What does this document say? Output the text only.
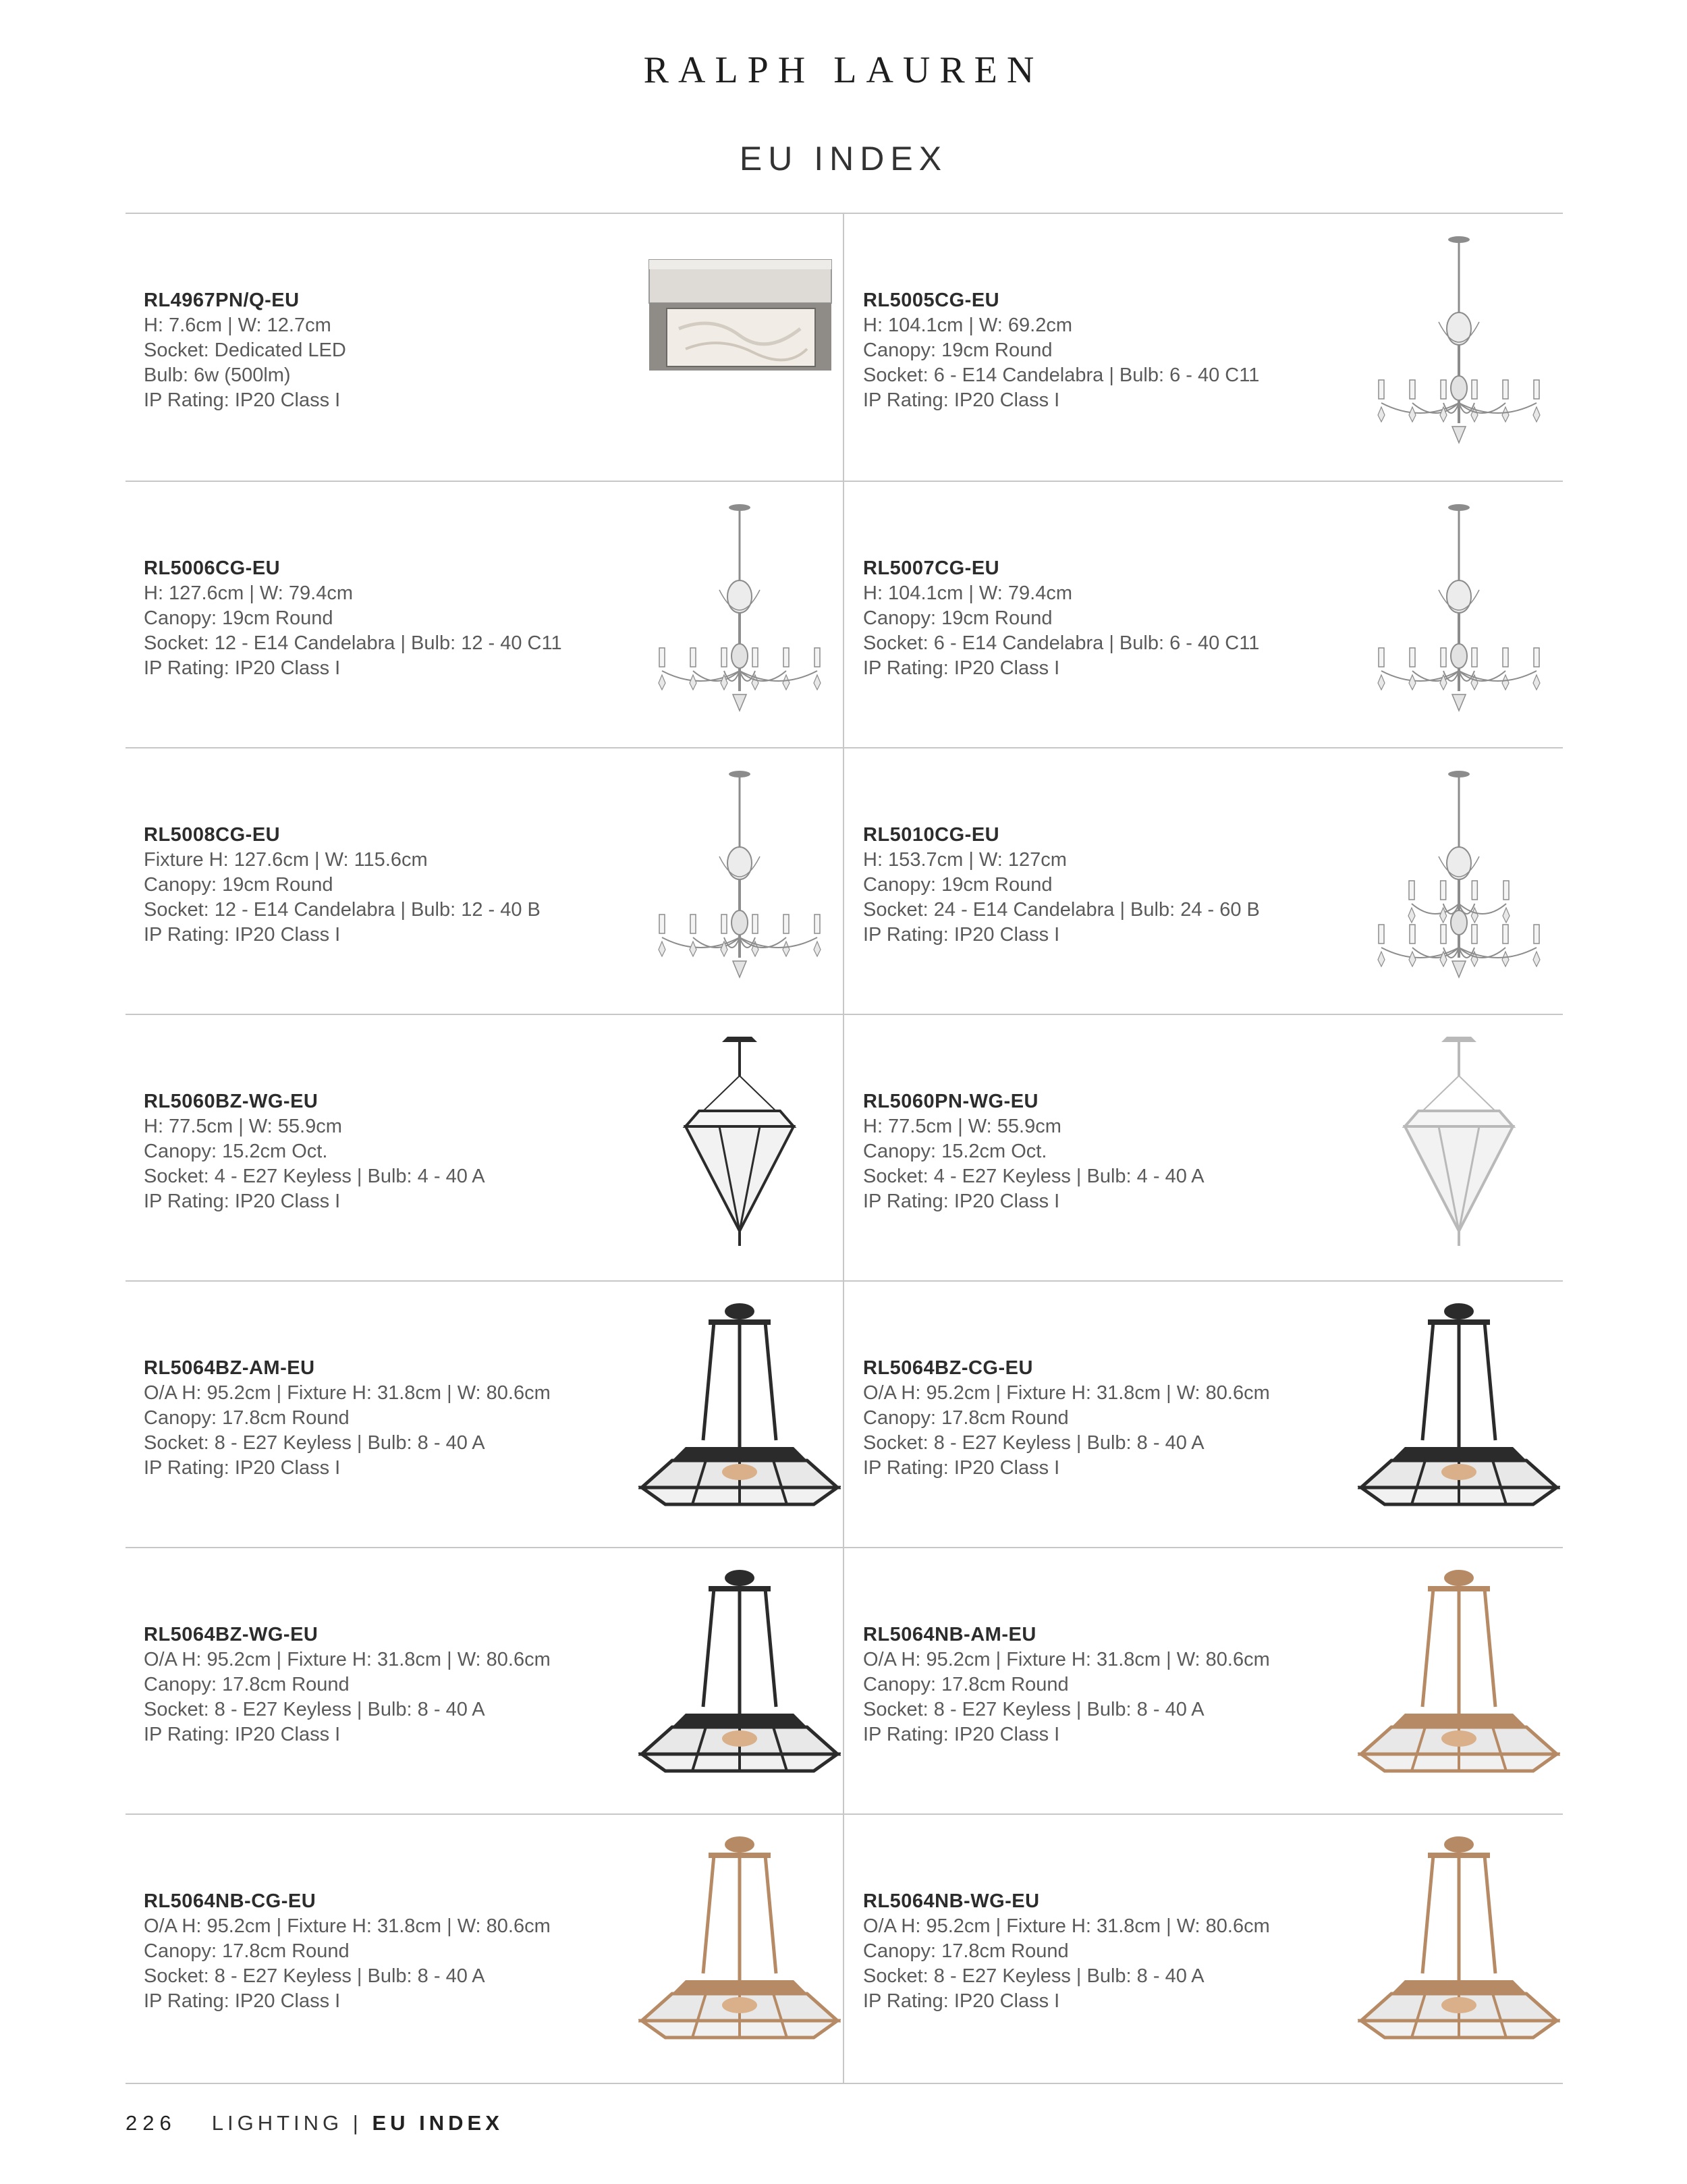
RALPH LAUREN
EU INDEX
RL4967PN/Q-EU
H: 7.6cm | W: 12.7cm
Socket: Dedicated LED
Bulb: 6w (500lm)
IP Rating: IP20 Class I
RL5005CG-EU
H: 104.1cm | W: 69.2cm
Canopy: 19cm Round
Socket: 6 - E14 Candelabra | Bulb: 6 - 40 C11
IP Rating: IP20 Class I
RL5006CG-EU
H: 127.6cm | W: 79.4cm
Canopy: 19cm Round
Socket: 12 - E14 Candelabra | Bulb: 12 - 40 C11
IP Rating: IP20 Class I
RL5007CG-EU
H: 104.1cm | W: 79.4cm
Canopy: 19cm Round
Socket: 6 - E14 Candelabra | Bulb: 6 - 40 C11
IP Rating: IP20 Class I
RL5008CG-EU
Fixture H: 127.6cm | W: 115.6cm
Canopy: 19cm Round
Socket: 12 - E14 Candelabra | Bulb: 12 - 40 B
IP Rating: IP20 Class I
RL5010CG-EU
H: 153.7cm | W: 127cm
Canopy: 19cm Round
Socket: 24 - E14 Candelabra | Bulb: 24 - 60 B
IP Rating: IP20 Class I
RL5060BZ-WG-EU
H: 77.5cm | W: 55.9cm
Canopy: 15.2cm Oct.
Socket: 4 - E27 Keyless | Bulb: 4 - 40 A
IP Rating: IP20 Class I
RL5060PN-WG-EU
H: 77.5cm | W: 55.9cm
Canopy: 15.2cm Oct.
Socket: 4 - E27 Keyless | Bulb: 4 - 40 A
IP Rating: IP20 Class I
RL5064BZ-AM-EU
O/A H: 95.2cm | Fixture H: 31.8cm | W: 80.6cm
Canopy: 17.8cm Round
Socket: 8 - E27 Keyless | Bulb: 8 - 40 A
IP Rating: IP20 Class I
RL5064BZ-CG-EU
O/A H: 95.2cm | Fixture H: 31.8cm | W: 80.6cm
Canopy: 17.8cm Round
Socket: 8 - E27 Keyless | Bulb: 8 - 40 A
IP Rating: IP20 Class I
RL5064BZ-WG-EU
O/A H: 95.2cm | Fixture H: 31.8cm | W: 80.6cm
Canopy: 17.8cm Round
Socket: 8 - E27 Keyless | Bulb: 8 - 40 A
IP Rating: IP20 Class I
RL5064NB-AM-EU
O/A H: 95.2cm | Fixture H: 31.8cm | W: 80.6cm
Canopy: 17.8cm Round
Socket: 8 - E27 Keyless | Bulb: 8 - 40 A
IP Rating: IP20 Class I
RL5064NB-CG-EU
O/A H: 95.2cm | Fixture H: 31.8cm | W: 80.6cm
Canopy: 17.8cm Round
Socket: 8 - E27 Keyless | Bulb: 8 - 40 A
IP Rating: IP20 Class I
RL5064NB-WG-EU
O/A H: 95.2cm | Fixture H: 31.8cm | W: 80.6cm
Canopy: 17.8cm Round
Socket: 8 - E27 Keyless | Bulb: 8 - 40 A
IP Rating: IP20 Class I
226 LIGHTING | EU INDEX
